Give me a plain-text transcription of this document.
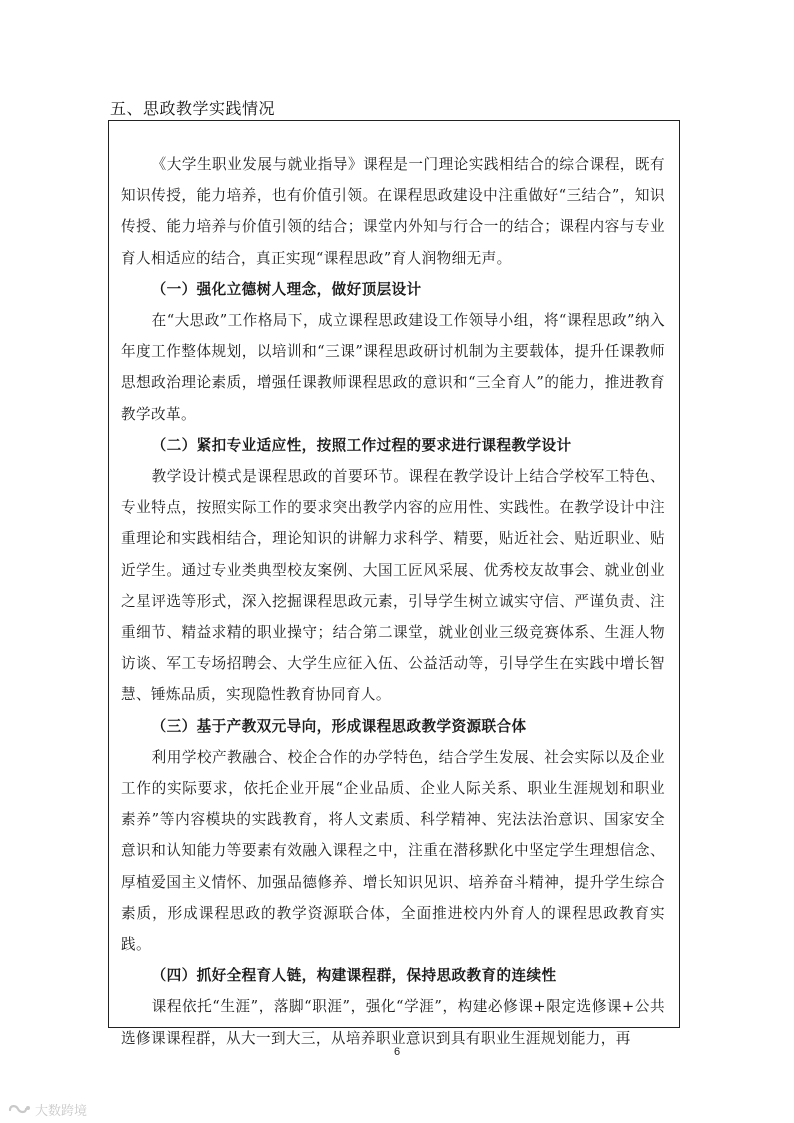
五、思政教学实践情况

《大学生职业发展与就业指导》课程是一门理论实践相结合的综合课程，既有知识传授，能力培养，也有价值引领。在课程思政建设中注重做好“三结合”，知识传授、能力培养与价值引领的结合；课堂内外知与行合一的结合；课程内容与专业育人相适应的结合，真正实现“课程思政”育人润物细无声。

（一）强化立德树人理念，做好顶层设计

在“大思政”工作格局下，成立课程思政建设工作领导小组，将“课程思政”纳入年度工作整体规划，以培训和“三课”课程思政研讨机制为主要载体，提升任课教师思想政治理论素质，增强任课教师课程思政的意识和“三全育人”的能力，推进教育教学改革。

（二）紧扣专业适应性，按照工作过程的要求进行课程教学设计

教学设计模式是课程思政的首要环节。课程在教学设计上结合学校军工特色、专业特点，按照实际工作的要求突出教学内容的应用性、实践性。在教学设计中注重理论和实践相结合，理论知识的讲解力求科学、精要，贴近社会、贴近职业、贴近学生。通过专业类典型校友案例、大国工匠风采展、优秀校友故事会、就业创业之星评选等形式，深入挖掘课程思政元素，引导学生树立诚实守信、严谨负责、注重细节、精益求精的职业操守；结合第二课堂，就业创业三级竞赛体系、生涯人物访谈、军工专场招聘会、大学生应征入伍、公益活动等，引导学生在实践中增长智慧、锤炼品质，实现隐性教育协同育人。

（三）基于产教双元导向，形成课程思政教学资源联合体

利用学校产教融合、校企合作的办学特色，结合学生发展、社会实际以及企业工作的实际要求，依托企业开展“企业品质、企业人际关系、职业生涯规划和职业素养”等内容模块的实践教育，将人文素质、科学精神、宪法法治意识、国家安全意识和认知能力等要素有效融入课程之中，注重在潜移默化中坚定学生理想信念、厚植爱国主义情怀、加强品德修养、增长知识见识、培养奋斗精神，提升学生综合素质，形成课程思政的教学资源联合体，全面推进校内外育人的课程思政教育实践。

（四）抓好全程育人链，构建课程群，保持思政教育的连续性

课程依托“生涯”，落脚“职涯”，强化“学涯”，构建必修课+限定选修课+公共选修课课程群，从大一到大三，从培养职业意识到具有职业生涯规划能力，再

6
大数跨境
